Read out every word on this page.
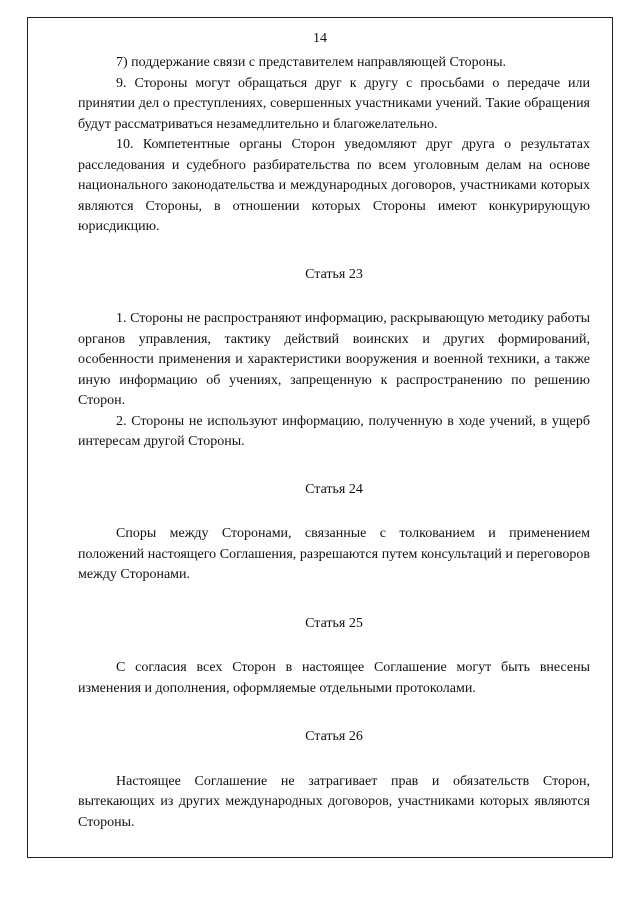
14

7) поддержание связи с представителем направляющей Стороны.

9. Стороны могут обращаться друг к другу с просьбами о передаче или принятии дел о преступлениях, совершенных участниками учений. Такие обращения будут рассматриваться незамедлительно и благожелательно.

10. Компетентные органы Сторон уведомляют друг друга о результатах расследования и судебного разбирательства по всем уголовным делам на основе национального законодательства и международных договоров, участниками которых являются Стороны, в отношении которых Стороны имеют конкурирующую юрисдикцию.

Статья 23

1. Стороны не распространяют информацию, раскрывающую методику работы органов управления, тактику действий воинских и других формирований, особенности применения и характеристики вооружения и военной техники, а также иную информацию об учениях, запрещенную к распространению по решению Сторон.

2. Стороны не используют информацию, полученную в ходе учений, в ущерб интересам другой Стороны.

Статья 24

Споры между Сторонами, связанные с толкованием и применением положений настоящего Соглашения, разрешаются путем консультаций и переговоров между Сторонами.

Статья 25

С согласия всех Сторон в настоящее Соглашение могут быть внесены изменения и дополнения, оформляемые отдельными протоколами.

Статья 26

Настоящее Соглашение не затрагивает прав и обязательств Сторон, вытекающих из других международных договоров, участниками которых являются Стороны.
